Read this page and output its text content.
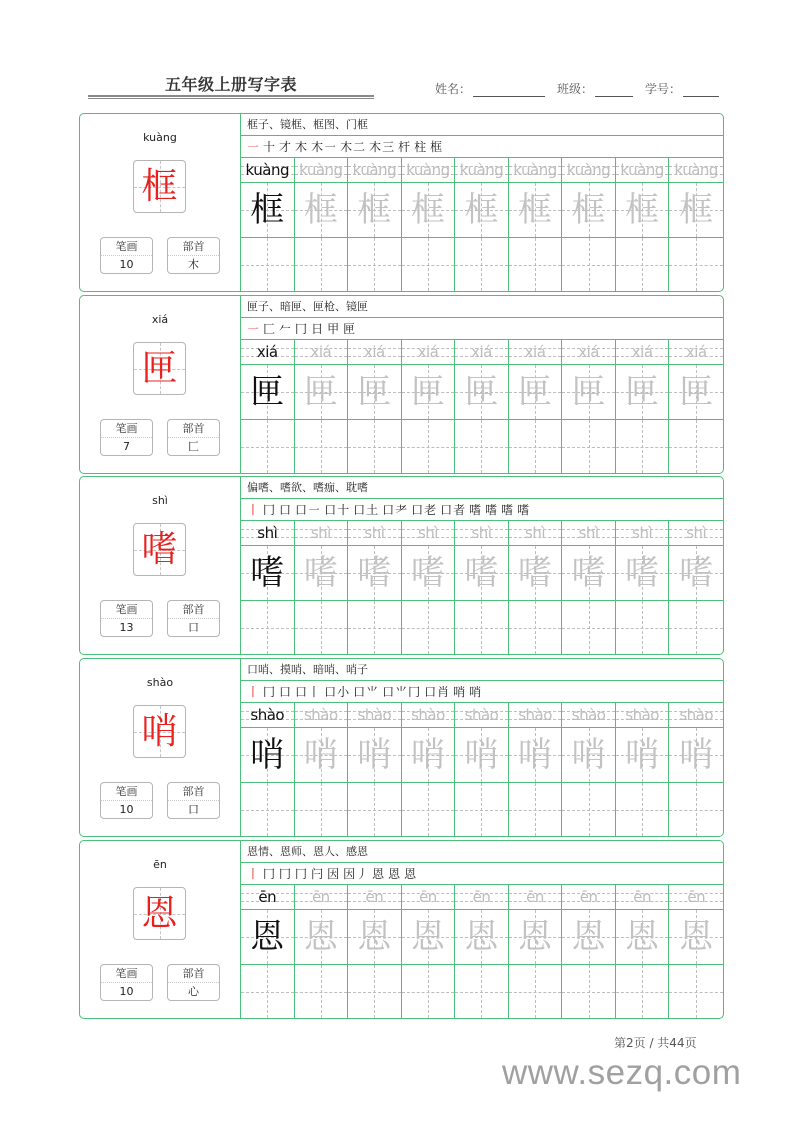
五年级上册写字表	姓名：	班级：	学号：
kuàng
框
笔画
10
部首
木
框子、镜框、框图、门框
㇐ 十 才 木 木㇐ 木二 木三 杆 柱 框
kuàng kuàng kuàng kuàng kuàng kuàng kuàng kuàng kuàng
框 框 框 框 框 框 框 框 框
xiá
匣
笔画
7
部首
匚
匣子、暗匣、匣枪、镜匣
㇐ 匚 𠂉 冂 日 甲 匣
xiá	xiá	xiá	xiá	xiá	xiá	xiá	xiá	xiá
匣 匣 匣 匣 匣 匣 匣 匣 匣
shì
嗜
笔画
13
部首
口
偏嗜、嗜欲、嗜痂、耽嗜
丨 冂 口 口㇐ 口十 口土 口耂 口老 口者 嗜 嗜 嗜 嗜
shì	shì	shì	shì	shì	shì	shì	shì	shì
嗜 嗜 嗜 嗜 嗜 嗜 嗜 嗜 嗜
shào
哨
笔画
10
部首
口
口哨、摸哨、暗哨、哨子
丨 冂 口 口丨 口小 口⺌ 口⺌冂 口肖 哨 哨
shào	shào	shào	shào	shào	shào	shào	shào	shào
哨 哨 哨 哨 哨 哨 哨 哨 哨
ēn
恩
笔画
10
部首
心
恩情、恩师、恩人、感恩
丨 冂 冂 冂 闩 因 因丿 恩 恩 恩
ēn	ēn	ēn	ēn	ēn	ēn	ēn	ēn	ēn
恩 恩 恩 恩 恩 恩 恩 恩 恩
第2页 / 共44页
www.sezq.com
